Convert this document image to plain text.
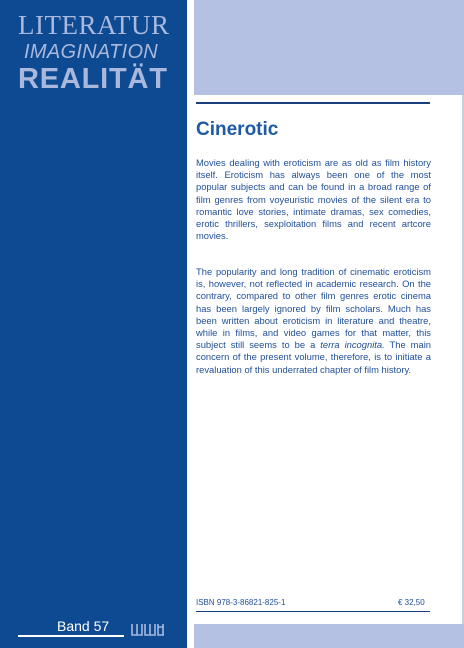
LITERATUR
IMAGINATION
REALITÄT
Band 57
Cinerotic

Movies dealing with eroticism are as old as film history itself. Eroticism has always been one of the most popular subjects and can be found in a broad range of film genres from voyeuristic movies of the silent era to romantic love stories, intimate dramas, sex comedies, erotic thrillers, sexploitation films and recent artcore movies.

The popularity and long tradition of cinematic eroticism is, however, not reflected in academic research. On the contrary, compared to other film genres erotic cinema has been largely ignored by film scholars. Much has been written about eroticism in literature and theatre, while in films, and video games for that matter, this subject still seems to be a terra incognita. The main concern of the present volume, therefore, is to initiate a revaluation of this underrated chapter of film history.

ISBN 978-3-86821-825-1	€ 32,50
